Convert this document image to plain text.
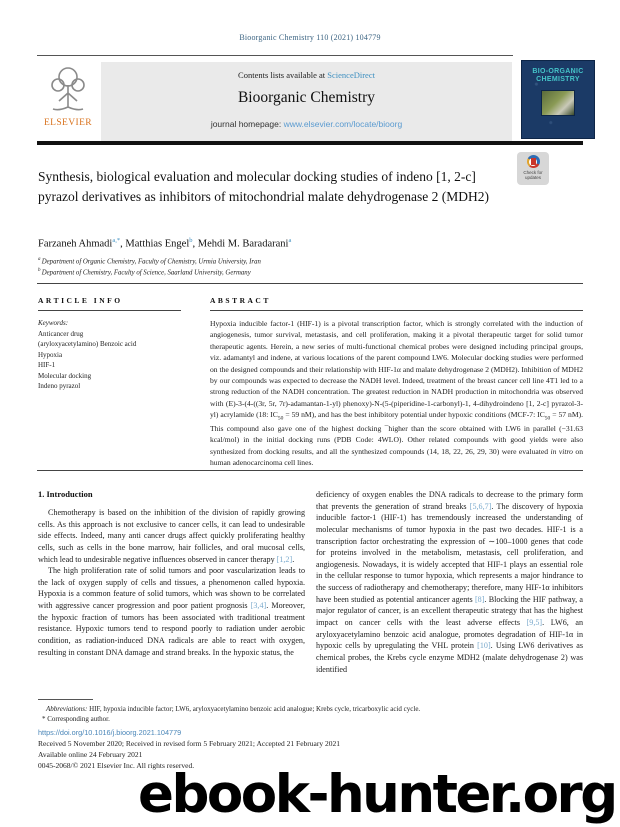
Bioorganic Chemistry 110 (2021) 104779
ELSEVIER
Contents lists available at ScienceDirect
Bioorganic Chemistry
journal homepage: www.elsevier.com/locate/bioorg
BIO-ORGANIC
CHEMISTRY
Synthesis, biological evaluation and molecular docking studies of indeno [1, 2-c] pyrazol derivatives as inhibitors of mitochondrial malate dehydrogenase 2 (MDH2)
Check for updates
Farzaneh Ahmadi$^{a,*}$, Matthias Engel$^b$, Mehdi M. Baradarani$^a$
$^a$ Department of Organic Chemistry, Faculty of Chemistry, Urmia University, Iran
$^b$ Department of Chemistry, Faculty of Science, Saarland University, Germany
ARTICLE INFO
Keywords:
Anticancer drug
(aryloxyacetylamino) Benzoic acid
Hypoxia
HIF-1
Molecular docking
Indeno pyrazol
ABSTRACT
Hypoxia inducible factor-1 (HIF-1) is a pivotal transcription factor, which is strongly correlated with the induction of angiogenesis, tumor survival, metastasis, and cell proliferation, making it a pivotal therapeutic target for solid tumor therapeutic agents. Herein, a new series of multi-functional chemical probes were designed including principal groups, viz. adamantyl and indene, at various locations of the parent compound LW6. Molecular docking studies were performed on the designed compounds and their relationship with HIF-1α and malate dehydrogenase 2 (MDH2). Inhibition of MDH2 by our compounds was expected to decrease the NADH level. Indeed, treatment of the breast cancer cell line 4T1 led to a strong reduction of the NADH concentration. The greatest reduction in NADH production in mitochondria was observed with (E)-3-(4-((3r, 5r, 7r)-adamantan-1-yl) phenoxy)-N-(5-(piperidine-1-carbonyl)-1, 4-dihydroindeno [1, 2-c] pyrazol-3-yl) acrylamide (18: $IC_{50} = 59$ nM), and has the best inhibitory potential under hypoxic conditions (MCF-7: $IC_{50} = 57$ nM). This compound also gave one of the highest docking ¯higher than the score obtained with LW6 in parallel (−31.63 kcal/mol) in the initial docking runs (PDB Code: 4WLO). Other related compounds with good yields were also synthesized from docking results, and all the synthesized compounds (14, 18, 22, 26, 29, 30) were evaluated in vitro on human adenocarcinoma cell lines.
1. Introduction

Chemotherapy is based on the inhibition of the division of rapidly growing cells. As this approach is not exclusive to cancer cells, it can lead to undesirable side effects. Indeed, many anti cancer drugs affect quickly proliferating healthy cells, such as cells in the bone marrow, hair follicles, and oral mucosal cells, which lead to undesirable negative influences observed in cancer therapy [1,2].

The high proliferation rate of solid tumors and poor vascularization leads to the lack of oxygen supply of cells and tissues, a phenomenon called hypoxia. Hypoxia is a common feature of solid tumors, which was shown to be correlated with aggressive cancer progression and poor patient prognosis [3,4]. Moreover, the hypoxic fraction of tumors has been associated with traditional treatment resistance. Hypoxic tumors tend to respond poorly to radiation under aerobic condition, as radiation-induced DNA radicals are able to react with oxygen, resulting in constant DNA damage and strand breaks. In the hypoxic status, the

deficiency of oxygen enables the DNA radicals to decrease to the primary form that prevents the generation of strand breaks [5,6,7]. The discovery of hypoxia inducible factor-1 (HIF-1) has tremendously increased the understanding of molecular mechanisms of tumor hypoxia in the past two decades. HIF-1 is a transcription factor orchestrating the expression of ∼100–1000 genes that code for proteins involved in the metabolism, metastasis, cell proliferation, and angiogenesis. Nowadays, it is widely accepted that HIF-1 plays an essential role in the cellular response to tumor hypoxia, which represents a major hindrance to the success of radiotherapy and chemotherapy; therefore, many HIF-1α inhibitors have been studied as potential anticancer agents [8]. Blocking the HIF pathway, a major regulator of cancer, is an excellent therapeutic strategy that has the highest impact on cancer cells with the least adverse effects [9,5]. LW6, an aryloxyacetylamino benzoic acid analogue, promotes degradation of HIF-1α in hypoxic cells by upregulating the VHL protein [10]. Using LW6 derivatives as chemical probes, the Krebs cycle enzyme MDH2 (malate dehydrogenase 2) was identified

Abbreviations: HIF, hypoxia inducible factor; LW6, aryloxyacetylamino benzoic acid analogue; Krebs cycle, tricarboxylic acid cycle.
* Corresponding author.
https://doi.org/10.1016/j.bioorg.2021.104779
Received 5 November 2020; Received in revised form 5 February 2021; Accepted 21 February 2021
Available online 24 February 2021
0045-2068/© 2021 Elsevier Inc. All rights reserved.
ebook-hunter.org
